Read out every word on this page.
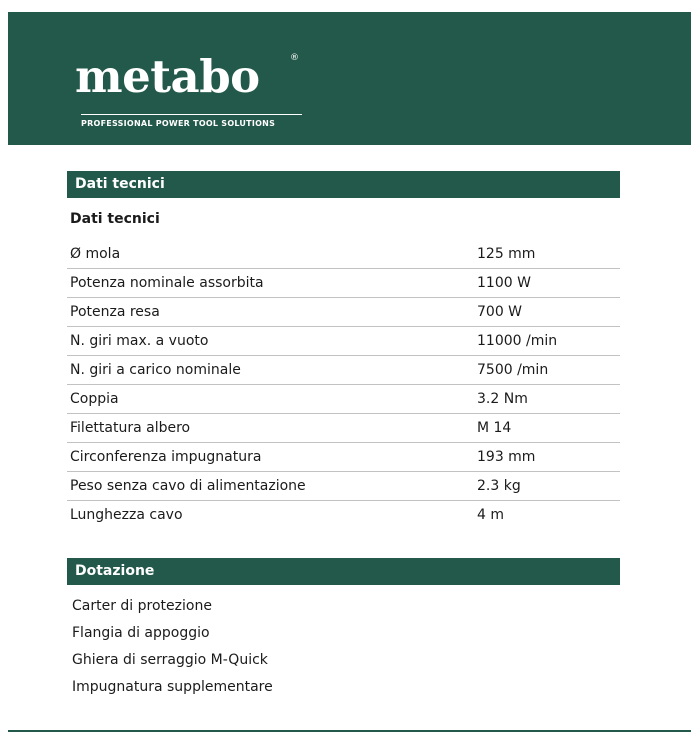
metabo	®
PROFESSIONAL POWER TOOL SOLUTIONS
Dati tecnici
Dati tecnici
Ø mola	125 mm
Potenza nominale assorbita	1100 W
Potenza resa	700 W
N. giri max. a vuoto	11000 /min
N. giri a carico nominale	7500 /min
Coppia	3.2 Nm
Filettatura albero	M 14
Circonferenza impugnatura	193 mm
Peso senza cavo di alimentazione	2.3 kg
Lunghezza cavo	4 m
Dotazione
Carter di protezione
Flangia di appoggio
Ghiera di serraggio M-Quick
Impugnatura supplementare
